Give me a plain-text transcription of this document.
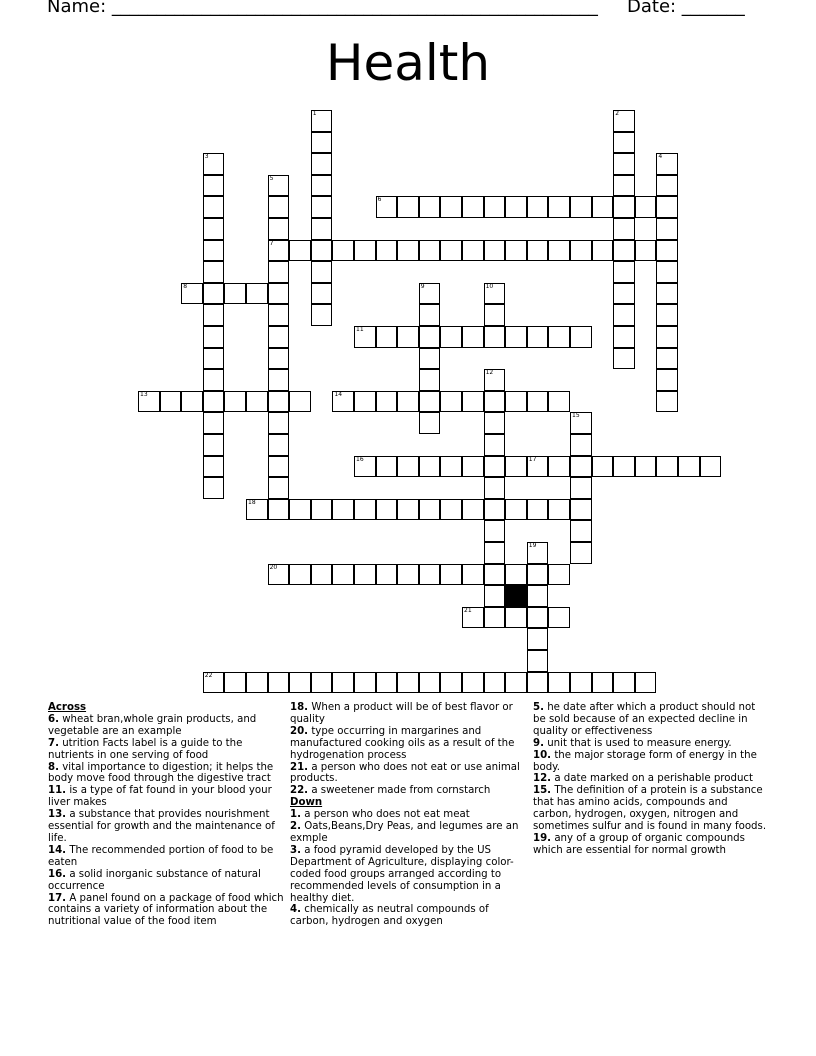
Name: ______________________________________________________ Date: _______
Health
1	2
3	4
5
7
6
8	9	10
11
12
13	14
15
16	17
18
19
20
21
22
Across

6. wheat bran,whole grain products, and vegetable are an example

7. utrition Facts label is a guide to the nutrients in one serving of food

8. vital importance to digestion; it helps the body move food through the digestive tract

11. is a type of fat found in your blood your liver makes

13. a substance that provides nourishment essential for growth and the maintenance of life.

14. The recommended portion of food to be eaten

16. a solid inorganic substance of natural occurrence

17. A panel found on a package of food which contains a variety of information about the nutritional value of the food item

18. When a product will be of best flavor or quality

20. type occurring in margarines and manufactured cooking oils as a result of the hydrogenation process

21. a person who does not eat or use animal products.

22. a sweetener made from cornstarch

Down

1. a person who does not eat meat

2. Oats,Beans,Dry Peas, and legumes are an exmple

3. a food pyramid developed by the US Department of Agriculture, displaying color-coded food groups arranged according to recommended levels of consumption in a healthy diet.

4. chemically as neutral compounds of carbon, hydrogen and oxygen

5. he date after which a product should not be sold because of an expected decline in quality or effectiveness

9. unit that is used to measure energy.

10. the major storage form of energy in the body.

12. a date marked on a perishable product

15. The definition of a protein is a substance that has amino acids, compounds and carbon, hydrogen, oxygen, nitrogen and sometimes sulfur and is found in many foods.

19. any of a group of organic compounds which are essential for normal growth
